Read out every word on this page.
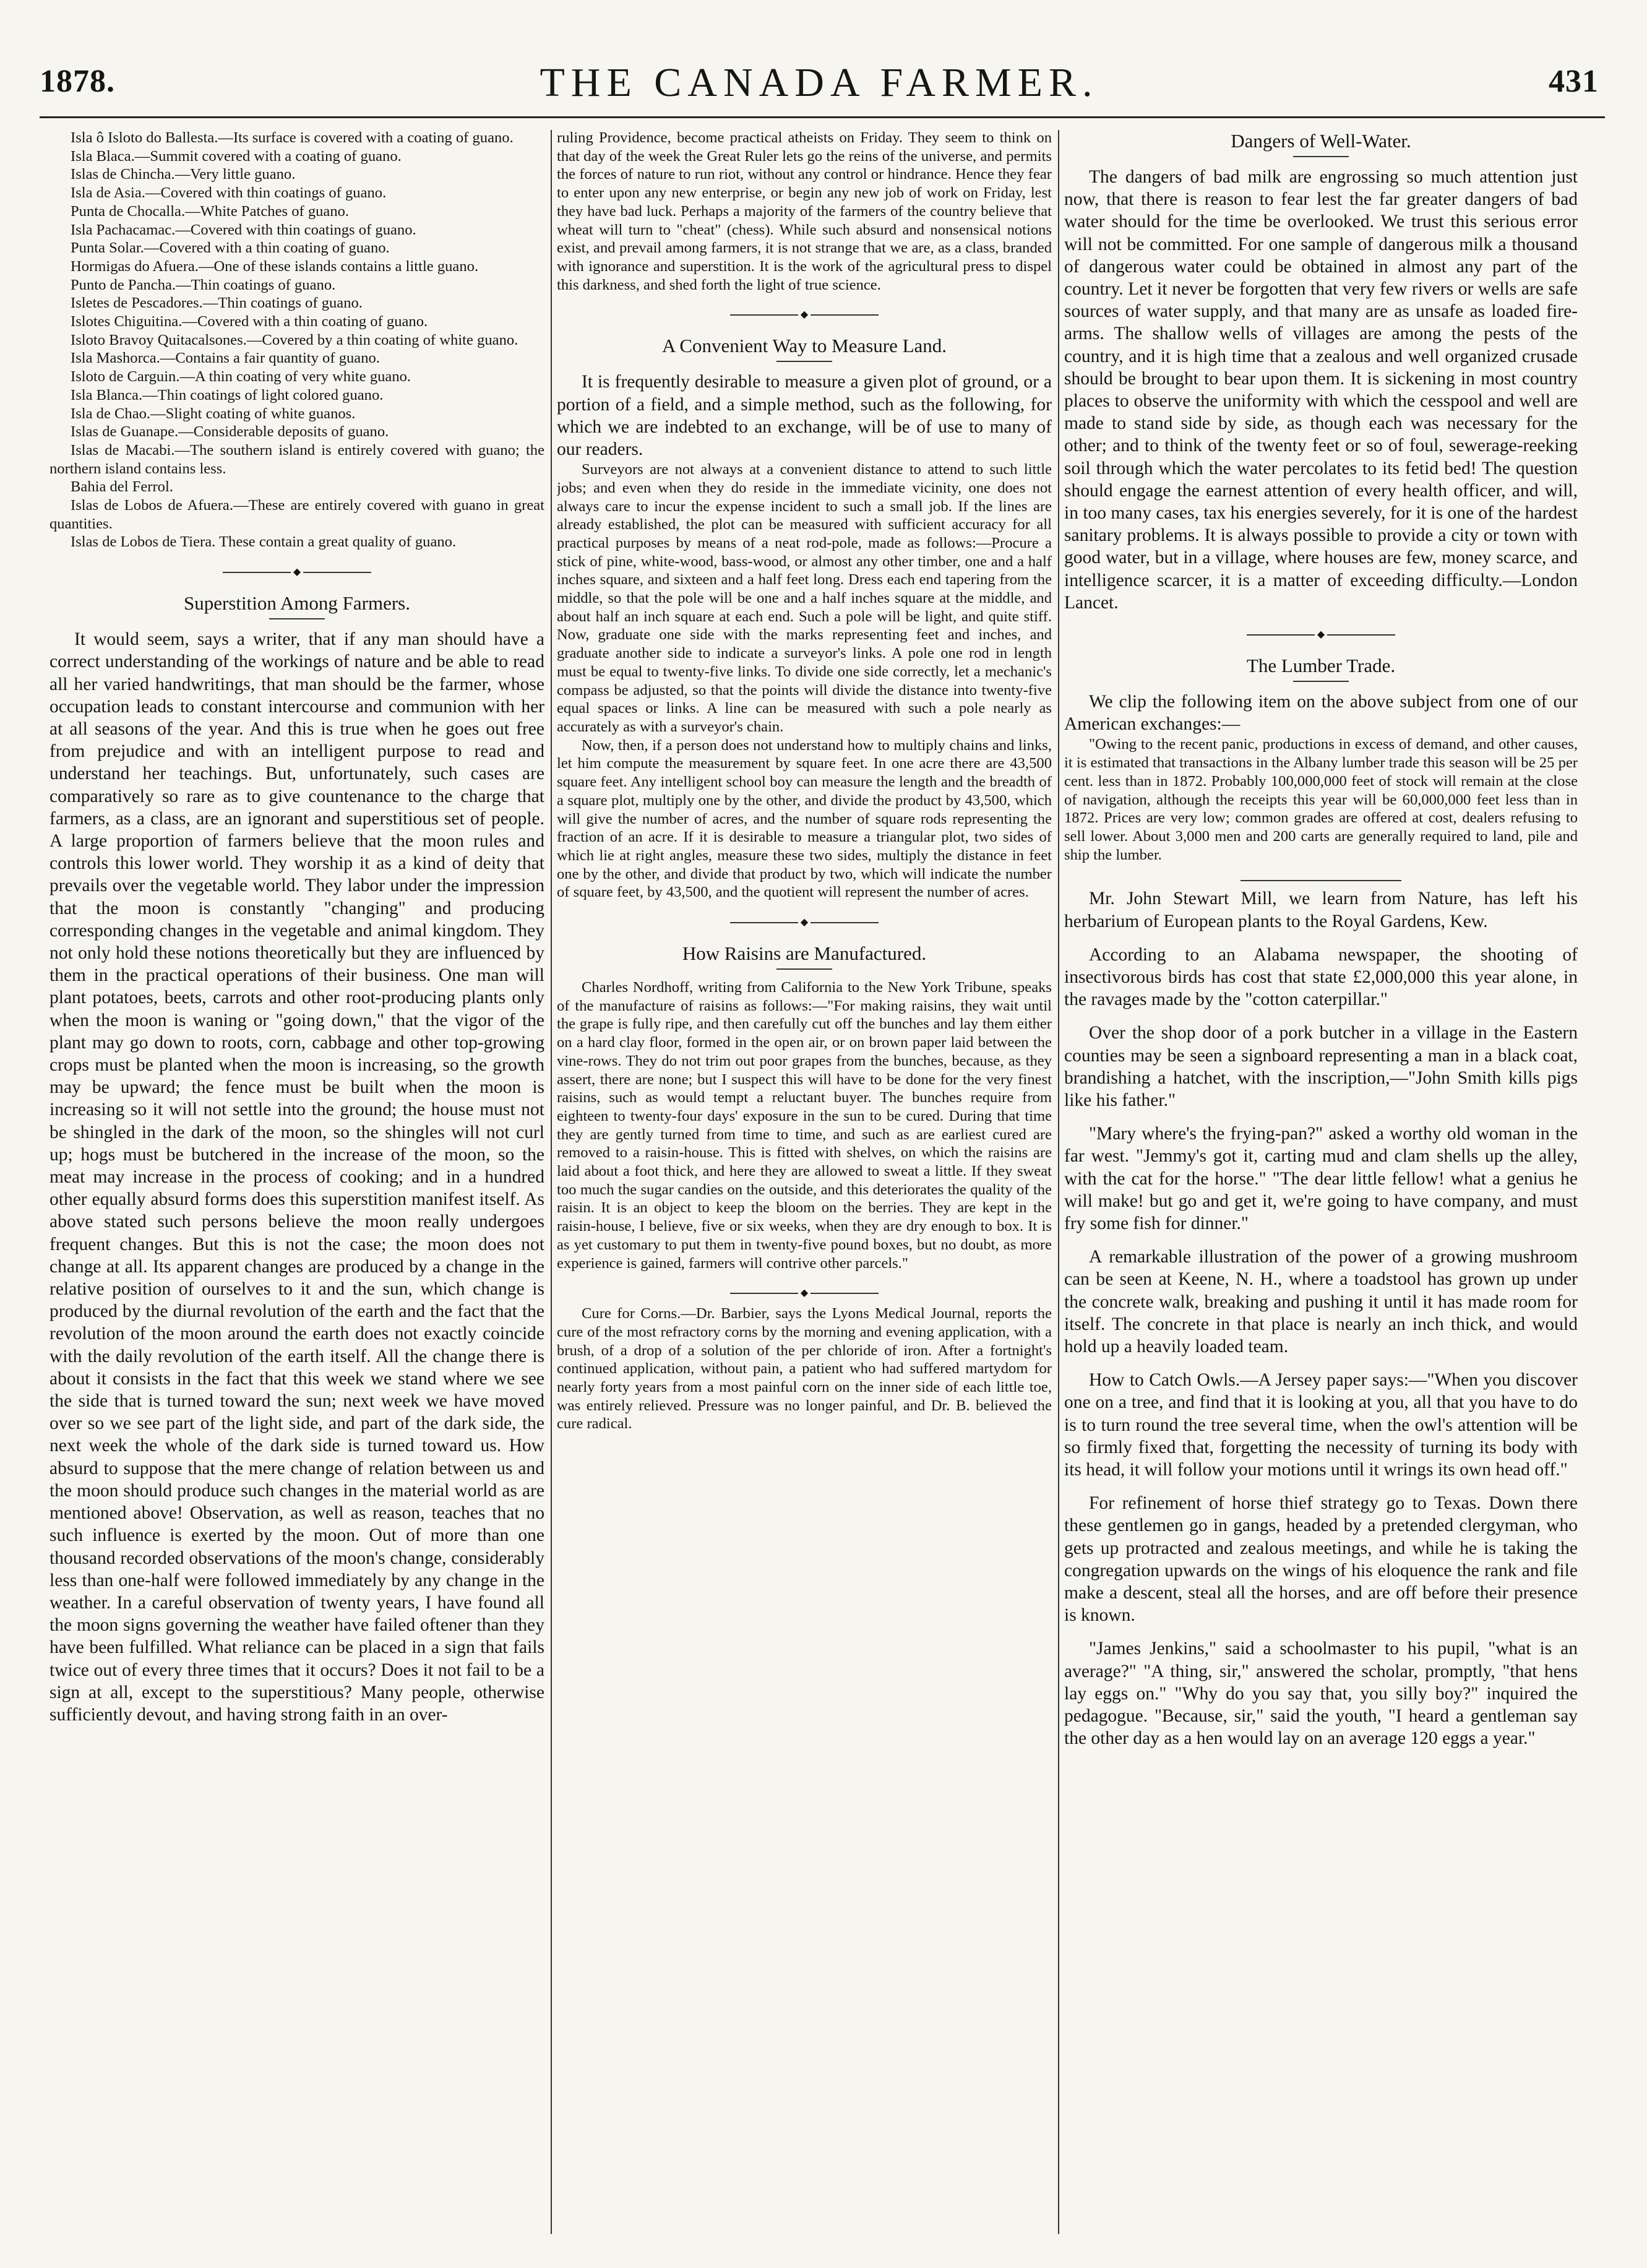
1878.	THE CANADA FARMER.	431

Isla ô Isloto do Ballesta.—Its surface is covered with a coating of guano.

Isla Blaca.—Summit covered with a coating of guano.

Islas de Chincha.—Very little guano.

Isla de Asia.—Covered with thin coatings of guano.

Punta de Chocalla.—White Patches of guano.

Isla Pachacamac.—Covered with thin coatings of guano.

Punta Solar.—Covered with a thin coating of guano.

Hormigas do Afuera.—One of these islands contains a little guano.

Punto de Pancha.—Thin coatings of guano.

Isletes de Pescadores.—Thin coatings of guano.

Islotes Chiguitina.—Covered with a thin coating of guano.

Isloto Bravoy Quitacalsones.—Covered by a thin coating of white guano.

Isla Mashorca.—Contains a fair quantity of guano.

Isloto de Carguin.—A thin coating of very white guano.

Isla Blanca.—Thin coatings of light colored guano.

Isla de Chao.—Slight coating of white guanos.

Islas de Guanape.—Considerable deposits of guano.

Islas de Macabi.—The southern island is entirely covered with guano; the northern island contains less.

Bahia del Ferrol.

Islas de Lobos de Afuera.—These are entirely covered with guano in great quantities.

Islas de Lobos de Tiera. These contain a great quality of guano.

◆
Superstition Among Farmers.

It would seem, says a writer, that if any man should have a correct understanding of the workings of nature and be able to read all her varied handwritings, that man should be the farmer, whose occupation leads to constant intercourse and communion with her at all seasons of the year. And this is true when he goes out free from prejudice and with an intelligent purpose to read and understand her teachings. But, unfortunately, such cases are comparatively so rare as to give countenance to the charge that farmers, as a class, are an ignorant and superstitious set of people. A large proportion of farmers believe that the moon rules and controls this lower world. They worship it as a kind of deity that prevails over the vegetable world. They labor under the impression that the moon is constantly "changing" and producing corresponding changes in the vegetable and animal kingdom. They not only hold these notions theoretically but they are influenced by them in the practical operations of their business. One man will plant potatoes, beets, carrots and other root-producing plants only when the moon is waning or "going down," that the vigor of the plant may go down to roots, corn, cabbage and other top-growing crops must be planted when the moon is increasing, so the growth may be upward; the fence must be built when the moon is increasing so it will not settle into the ground; the house must not be shingled in the dark of the moon, so the shingles will not curl up; hogs must be butchered in the increase of the moon, so the meat may increase in the process of cooking; and in a hundred other equally absurd forms does this superstition manifest itself. As above stated such persons believe the moon really undergoes frequent changes. But this is not the case; the moon does not change at all. Its apparent changes are produced by a change in the relative position of ourselves to it and the sun, which change is produced by the diurnal revolution of the earth and the fact that the revolution of the moon around the earth does not exactly coincide with the daily revolution of the earth itself. All the change there is about it consists in the fact that this week we stand where we see the side that is turned toward the sun; next week we have moved over so we see part of the light side, and part of the dark side, the next week the whole of the dark side is turned toward us. How absurd to suppose that the mere change of relation between us and the moon should produce such changes in the material world as are mentioned above! Observation, as well as reason, teaches that no such influence is exerted by the moon. Out of more than one thousand recorded observations of the moon's change, considerably less than one-half were followed immediately by any change in the weather. In a careful observation of twenty years, I have found all the moon signs governing the weather have failed oftener than they have been fulfilled. What reliance can be placed in a sign that fails twice out of every three times that it occurs? Does it not fail to be a sign at all, except to the superstitious? Many people, otherwise sufficiently devout, and having strong faith in an over-

ruling Providence, become practical atheists on Friday. They seem to think on that day of the week the Great Ruler lets go the reins of the universe, and permits the forces of nature to run riot, without any control or hindrance. Hence they fear to enter upon any new enterprise, or begin any new job of work on Friday, lest they have bad luck. Perhaps a majority of the farmers of the country believe that wheat will turn to "cheat" (chess). While such absurd and nonsensical notions exist, and prevail among farmers, it is not strange that we are, as a class, branded with ignorance and superstition. It is the work of the agricultural press to dispel this darkness, and shed forth the light of true science.

◆
A Convenient Way to Measure Land.

It is frequently desirable to measure a given plot of ground, or a portion of a field, and a simple method, such as the following, for which we are indebted to an exchange, will be of use to many of our readers.

Surveyors are not always at a convenient distance to attend to such little jobs; and even when they do reside in the immediate vicinity, one does not always care to incur the expense incident to such a small job. If the lines are already established, the plot can be measured with sufficient accuracy for all practical purposes by means of a neat rod-pole, made as follows:—Procure a stick of pine, white-wood, bass-wood, or almost any other timber, one and a half inches square, and sixteen and a half feet long. Dress each end tapering from the middle, so that the pole will be one and a half inches square at the middle, and about half an inch square at each end. Such a pole will be light, and quite stiff. Now, graduate one side with the marks representing feet and inches, and graduate another side to indicate a surveyor's links. A pole one rod in length must be equal to twenty-five links. To divide one side correctly, let a mechanic's compass be adjusted, so that the points will divide the distance into twenty-five equal spaces or links. A line can be measured with such a pole nearly as accurately as with a surveyor's chain.

Now, then, if a person does not understand how to multiply chains and links, let him compute the measurement by square feet. In one acre there are 43,500 square feet. Any intelligent school boy can measure the length and the breadth of a square plot, multiply one by the other, and divide the product by 43,500, which will give the number of acres, and the number of square rods representing the fraction of an acre. If it is desirable to measure a triangular plot, two sides of which lie at right angles, measure these two sides, multiply the distance in feet one by the other, and divide that product by two, which will indicate the number of square feet, by 43,500, and the quotient will represent the number of acres.

◆
How Raisins are Manufactured.

Charles Nordhoff, writing from California to the New York Tribune, speaks of the manufacture of raisins as follows:—"For making raisins, they wait until the grape is fully ripe, and then carefully cut off the bunches and lay them either on a hard clay floor, formed in the open air, or on brown paper laid between the vine-rows. They do not trim out poor grapes from the bunches, because, as they assert, there are none; but I suspect this will have to be done for the very finest raisins, such as would tempt a reluctant buyer. The bunches require from eighteen to twenty-four days' exposure in the sun to be cured. During that time they are gently turned from time to time, and such as are earliest cured are removed to a raisin-house. This is fitted with shelves, on which the raisins are laid about a foot thick, and here they are allowed to sweat a little. If they sweat too much the sugar candies on the outside, and this deteriorates the quality of the raisin. It is an object to keep the bloom on the berries. They are kept in the raisin-house, I believe, five or six weeks, when they are dry enough to box. It is as yet customary to put them in twenty-five pound boxes, but no doubt, as more experience is gained, farmers will contrive other parcels."

◆

Cure for Corns.—Dr. Barbier, says the Lyons Medical Journal, reports the cure of the most refractory corns by the morning and evening application, with a brush, of a drop of a solution of the per chloride of iron. After a fortnight's continued application, without pain, a patient who had suffered martydom for nearly forty years from a most painful corn on the inner side of each little toe, was entirely relieved. Pressure was no longer painful, and Dr. B. believed the cure radical.

Dangers of Well-Water.

The dangers of bad milk are engrossing so much attention just now, that there is reason to fear lest the far greater dangers of bad water should for the time be overlooked. We trust this serious error will not be committed. For one sample of dangerous milk a thousand of dangerous water could be obtained in almost any part of the country. Let it never be forgotten that very few rivers or wells are safe sources of water supply, and that many are as unsafe as loaded fire-arms. The shallow wells of villages are among the pests of the country, and it is high time that a zealous and well organized crusade should be brought to bear upon them. It is sickening in most country places to observe the uniformity with which the cesspool and well are made to stand side by side, as though each was necessary for the other; and to think of the twenty feet or so of foul, sewerage-reeking soil through which the water percolates to its fetid bed! The question should engage the earnest attention of every health officer, and will, in too many cases, tax his energies severely, for it is one of the hardest sanitary problems. It is always possible to provide a city or town with good water, but in a village, where houses are few, money scarce, and intelligence scarcer, it is a matter of exceeding difficulty.—London Lancet.

◆
The Lumber Trade.

We clip the following item on the above subject from one of our American exchanges:—

"Owing to the recent panic, productions in excess of demand, and other causes, it is estimated that transactions in the Albany lumber trade this season will be 25 per cent. less than in 1872. Probably 100,000,000 feet of stock will remain at the close of navigation, although the receipts this year will be 60,000,000 feet less than in 1872. Prices are very low; common grades are offered at cost, dealers refusing to sell lower. About 3,000 men and 200 carts are generally required to land, pile and ship the lumber.

Mr. John Stewart Mill, we learn from Nature, has left his herbarium of European plants to the Royal Gardens, Kew.

According to an Alabama newspaper, the shooting of insectivorous birds has cost that state £2,000,000 this year alone, in the ravages made by the "cotton caterpillar."

Over the shop door of a pork butcher in a village in the Eastern counties may be seen a signboard representing a man in a black coat, brandishing a hatchet, with the inscription,—"John Smith kills pigs like his father."

"Mary where's the frying-pan?" asked a worthy old woman in the far west. "Jemmy's got it, carting mud and clam shells up the alley, with the cat for the horse." "The dear little fellow! what a genius he will make! but go and get it, we're going to have company, and must fry some fish for dinner."

A remarkable illustration of the power of a growing mushroom can be seen at Keene, N. H., where a toadstool has grown up under the concrete walk, breaking and pushing it until it has made room for itself. The concrete in that place is nearly an inch thick, and would hold up a heavily loaded team.

How to Catch Owls.—A Jersey paper says:—"When you discover one on a tree, and find that it is looking at you, all that you have to do is to turn round the tree several time, when the owl's attention will be so firmly fixed that, forgetting the necessity of turning its body with its head, it will follow your motions until it wrings its own head off."

For refinement of horse thief strategy go to Texas. Down there these gentlemen go in gangs, headed by a pretended clergyman, who gets up protracted and zealous meetings, and while he is taking the congregation upwards on the wings of his eloquence the rank and file make a descent, steal all the horses, and are off before their presence is known.

"James Jenkins," said a schoolmaster to his pupil, "what is an average?" "A thing, sir," answered the scholar, promptly, "that hens lay eggs on." "Why do you say that, you silly boy?" inquired the pedagogue. "Because, sir," said the youth, "I heard a gentleman say the other day as a hen would lay on an average 120 eggs a year."
